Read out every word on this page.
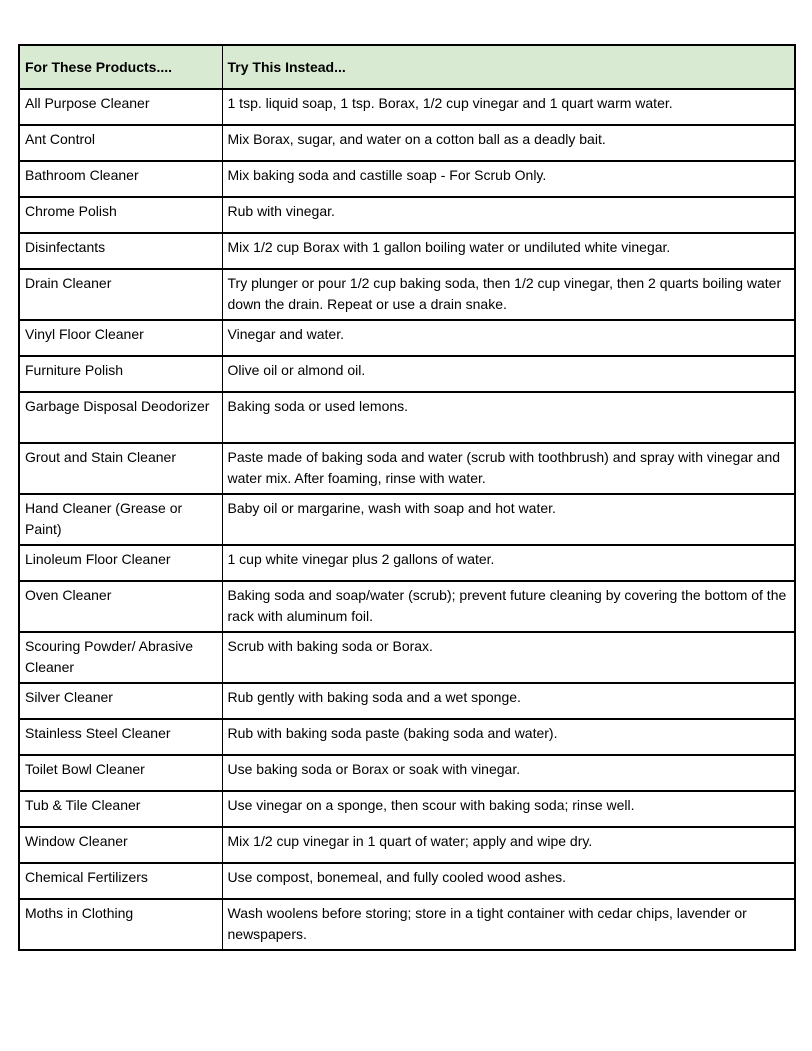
For These Products....	Try This Instead...
All Purpose Cleaner	1 tsp. liquid soap, 1 tsp. Borax, 1/2 cup vinegar and 1 quart warm water.
Ant Control	Mix Borax, sugar, and water on a cotton ball as a deadly bait.
Bathroom Cleaner	Mix baking soda and castille soap - For Scrub Only.
Chrome Polish	Rub with vinegar.
Disinfectants	Mix 1/2 cup Borax with 1 gallon boiling water or undiluted white vinegar.
Drain Cleaner	Try plunger or pour 1/2 cup baking soda, then 1/2 cup vinegar, then 2 quarts boiling water down the drain. Repeat or use a drain snake.
Vinyl Floor Cleaner	Vinegar and water.
Furniture Polish	Olive oil or almond oil.
Garbage Disposal Deodorizer	Baking soda or used lemons.
Grout and Stain Cleaner	Paste made of baking soda and water (scrub with toothbrush) and spray with vinegar and water mix. After foaming, rinse with water.
Hand Cleaner (Grease or Paint)	Baby oil or margarine, wash with soap and hot water.
Linoleum Floor Cleaner	1 cup white vinegar plus 2 gallons of water.
Oven Cleaner	Baking soda and soap/water (scrub); prevent future cleaning by covering the bottom of the rack with aluminum foil.
Scouring Powder/ Abrasive Cleaner	Scrub with baking soda or Borax.
Silver Cleaner	Rub gently with baking soda and a wet sponge.
Stainless Steel Cleaner	Rub with baking soda paste (baking soda and water).
Toilet Bowl Cleaner	Use baking soda or Borax or soak with vinegar.
Tub & Tile Cleaner	Use vinegar on a sponge, then scour with baking soda; rinse well.
Window Cleaner	Mix 1/2 cup vinegar in 1 quart of water; apply and wipe dry.
Chemical Fertilizers	Use compost, bonemeal, and fully cooled wood ashes.
Moths in Clothing	Wash woolens before storing; store in a tight container with cedar chips, lavender or newspapers.
